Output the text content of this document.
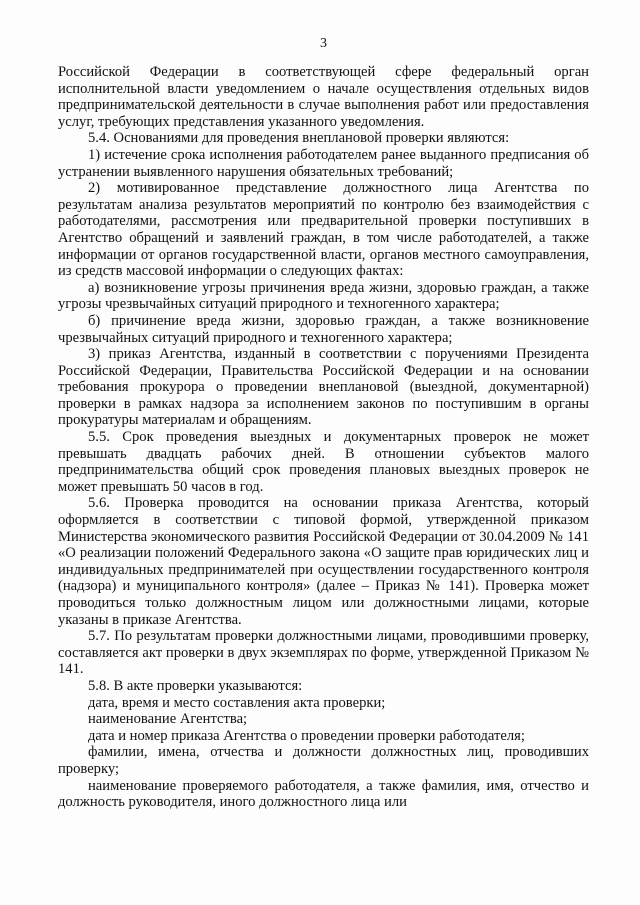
3

Российской Федерации в соответствующей сфере федеральный орган исполнительной власти уведомлением о начале осуществления отдельных видов предпринимательской деятельности в случае выполнения работ или предоставления услуг, требующих представления указанного уведомления.

5.4. Основаниями для проведения внеплановой проверки являются:

1) истечение срока исполнения работодателем ранее выданного предписания об устранении выявленного нарушения обязательных требований;

2) мотивированное представление должностного лица Агентства по результатам анализа результатов мероприятий по контролю без взаимодействия с работодателями, рассмотрения или предварительной проверки поступивших в Агентство обращений и заявлений граждан, в том числе работодателей, а также информации от органов государственной власти, органов местного самоуправления, из средств массовой информации о следующих фактах:

а) возникновение угрозы причинения вреда жизни, здоровью граждан, а также угрозы чрезвычайных ситуаций природного и техногенного характера;

б) причинение вреда жизни, здоровью граждан, а также возникновение чрезвычайных ситуаций природного и техногенного характера;

3) приказ Агентства, изданный в соответствии с поручениями Президента Российской Федерации, Правительства Российской Федерации и на основании требования прокурора о проведении внеплановой (выездной, документарной) проверки в рамках надзора за исполнением законов по поступившим в органы прокуратуры материалам и обращениям.

5.5. Срок проведения выездных и документарных проверок не может превышать двадцать рабочих дней. В отношении субъектов малого предпринимательства общий срок проведения плановых выездных проверок не может превышать 50 часов в год.

5.6. Проверка проводится на основании приказа Агентства, который оформляется в соответствии с типовой формой, утвержденной приказом Министерства экономического развития Российской Федерации от 30.04.2009 № 141 «О реализации положений Федерального закона «О защите прав юридических лиц и индивидуальных предпринимателей при осуществлении государственного контроля (надзора) и муниципального контроля» (далее – Приказ № 141). Проверка может проводиться только должностным лицом или должностными лицами, которые указаны в приказе Агентства.

5.7. По результатам проверки должностными лицами, проводившими проверку, составляется акт проверки в двух экземплярах по форме, утвержденной Приказом № 141.

5.8. В акте проверки указываются:

дата, время и место составления акта проверки;

наименование Агентства;

дата и номер приказа Агентства о проведении проверки работодателя;

фамилии, имена, отчества и должности должностных лиц, проводивших проверку;

наименование проверяемого работодателя, а также фамилия, имя, отчество и должность руководителя, иного должностного лица или
